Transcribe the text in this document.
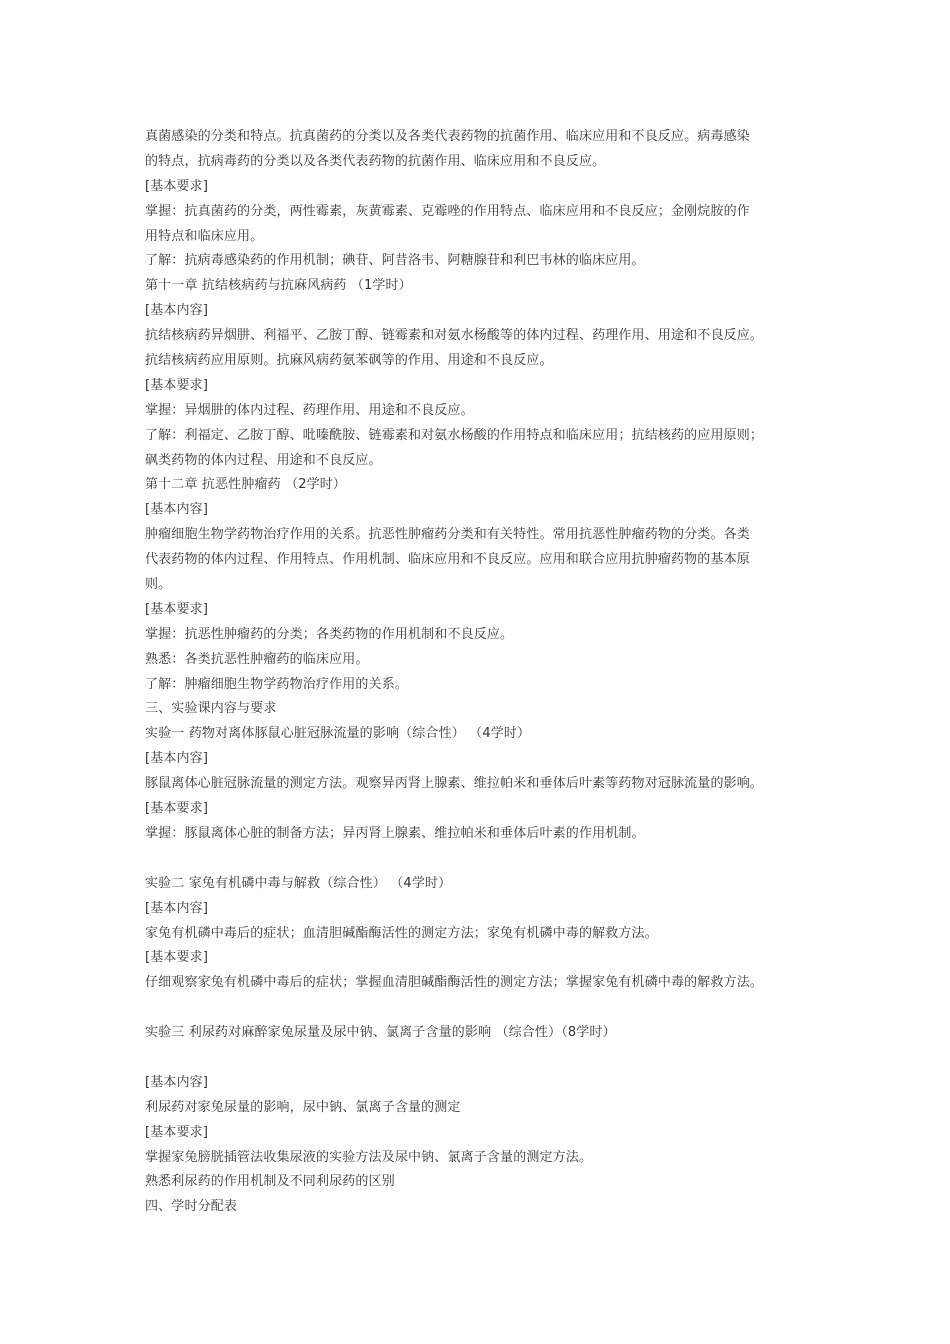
真菌感染的分类和特点。抗真菌药的分类以及各类代表药物的抗菌作用、临床应用和不良反应。病毒感染
的特点，抗病毒药的分类以及各类代表药物的抗菌作用、临床应用和不良反应。
[基本要求]
掌握：抗真菌药的分类，两性霉素，灰黄霉素、克霉唑的作用特点、临床应用和不良反应；金刚烷胺的作
用特点和临床应用。
了解：抗病毒感染药的作用机制；碘苷、阿昔洛韦、阿糖腺苷和利巴韦林的临床应用。
第十一章 抗结核病药与抗麻风病药 （1学时）
[基本内容]
抗结核病药异烟肼、利福平、乙胺丁醇、链霉素和对氨水杨酸等的体内过程、药理作用、用途和不良反应。
抗结核病药应用原则。抗麻风病药氨苯砜等的作用、用途和不良反应。
[基本要求]
掌握：异烟肼的体内过程、药理作用、用途和不良反应。
了解：利福定、乙胺丁醇、吡嗪酰胺、链霉素和对氨水杨酸的作用特点和临床应用；抗结核药的应用原则；
砜类药物的体内过程、用途和不良反应。
第十二章 抗恶性肿瘤药 （2学时）
[基本内容]
肿瘤细胞生物学药物治疗作用的关系。抗恶性肿瘤药分类和有关特性。常用抗恶性肿瘤药物的分类。各类
代表药物的体内过程、作用特点、作用机制、临床应用和不良反应。应用和联合应用抗肿瘤药物的基本原
则。
[基本要求]
掌握：抗恶性肿瘤药的分类；各类药物的作用机制和不良反应。
熟悉：各类抗恶性肿瘤药的临床应用。
了解：肿瘤细胞生物学药物治疗作用的关系。
三、实验课内容与要求
实验一 药物对离体豚鼠心脏冠脉流量的影响（综合性） （4学时）
[基本内容]
豚鼠离体心脏冠脉流量的测定方法。观察异丙肾上腺素、维拉帕米和垂体后叶素等药物对冠脉流量的影响。
[基本要求]
掌握：豚鼠离体心脏的制备方法；异丙肾上腺素、维拉帕米和垂体后叶素的作用机制。
实验二 家兔有机磷中毒与解救（综合性） （4学时）
[基本内容]
家兔有机磷中毒后的症状；血清胆碱酯酶活性的测定方法；家兔有机磷中毒的解救方法。
[基本要求]
仔细观察家兔有机磷中毒后的症状；掌握血清胆碱酯酶活性的测定方法；掌握家兔有机磷中毒的解救方法。
实验三 利尿药对麻醉家兔尿量及尿中钠、氯离子含量的影响 （综合性）（8学时）
[基本内容]
利尿药对家兔尿量的影响，尿中钠、氯离子含量的测定
[基本要求]
掌握家兔膀胱插管法收集尿液的实验方法及尿中钠、氯离子含量的测定方法。
熟悉利尿药的作用机制及不同利尿药的区别
四、学时分配表
